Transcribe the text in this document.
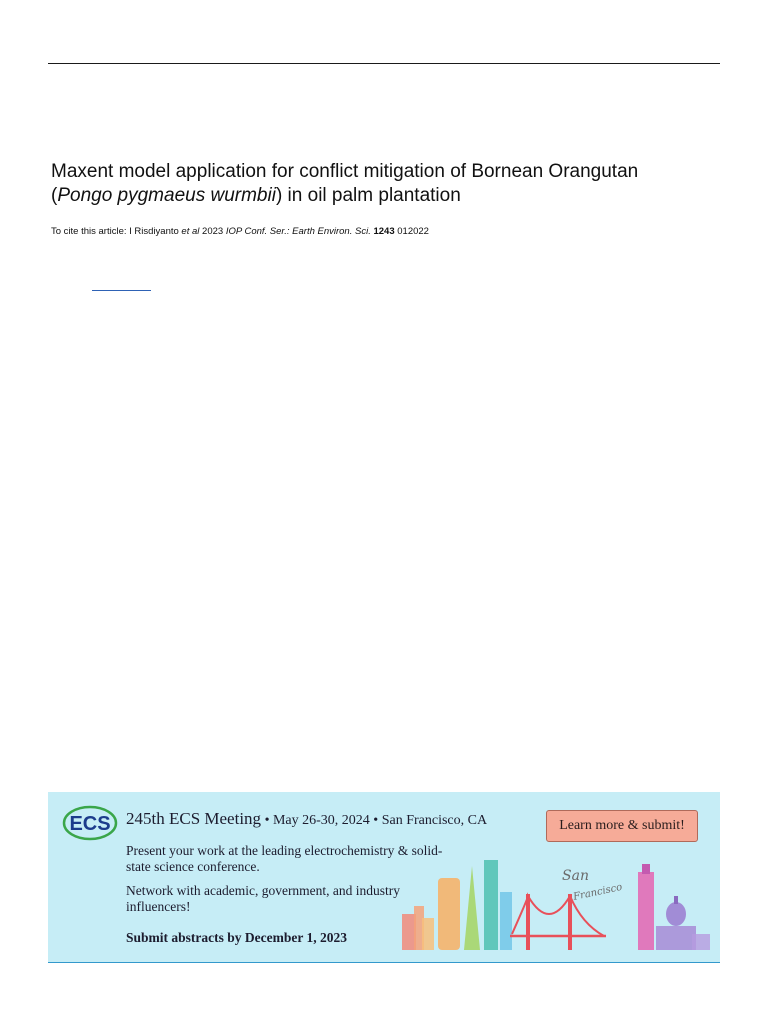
Maxent model application for conflict mitigation of Bornean Orangutan
(Pongo pygmaeus wurmbii) in oil palm plantation
To cite this article: I Risdiyanto et al 2023 IOP Conf. Ser.: Earth Environ. Sci. 1243 012022
ECS 245th ECS Meeting • May 26-30, 2024 • San Francisco, CA	Learn more & submit!
Present your work at the leading electrochemistry & solid-state science conference.
Network with academic, government, and industry influencers!
Submit abstracts by December 1, 2023
San
Francisco
